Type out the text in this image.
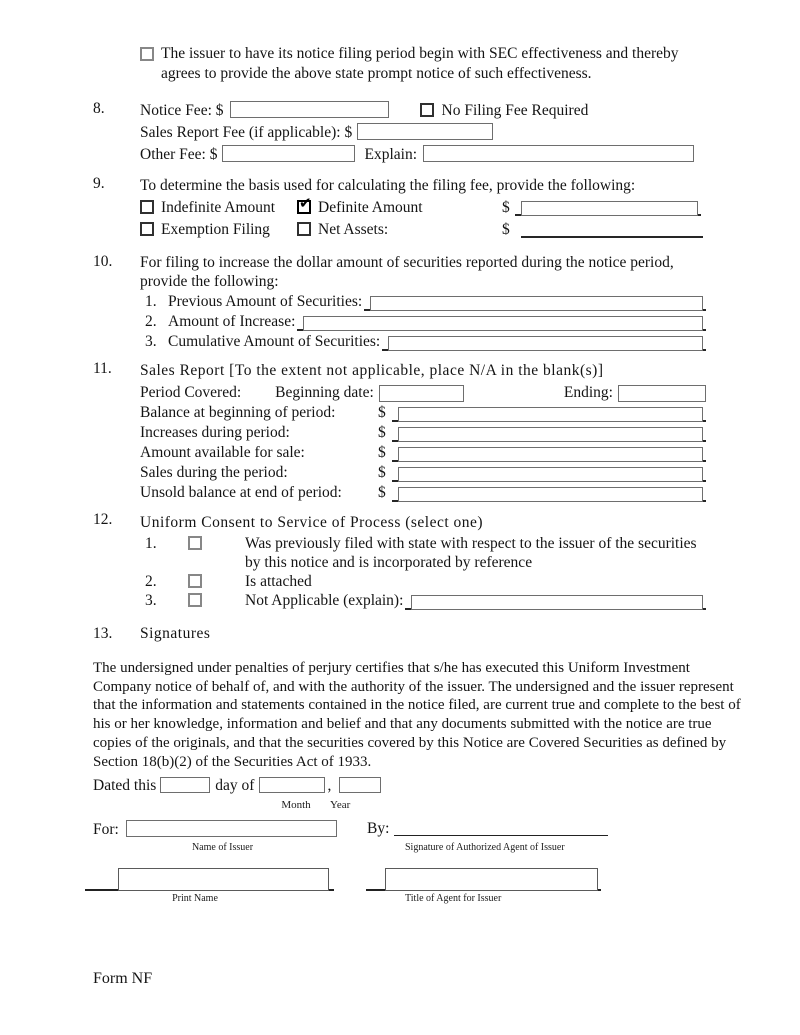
The issuer to have its notice filing period begin with SEC effectiveness and thereby
agrees to provide the above state prompt notice of such effectiveness.
8.	Notice Fee: $	No Filing Fee Required
Sales Report Fee (if applicable): $
Other Fee: $	Explain:
9.	To determine the basis used for calculating the filing fee, provide the following:
Indefinite Amount ✔ Definite Amount	$
Exemption Filing	Net Assets:	$
10.	For filing to increase the dollar amount of securities reported during the notice period,
provide the following:
1. Previous Amount of Securities:
2. Amount of Increase:
3. Cumulative Amount of Securities:
11.	Sales Report [To the extent not applicable, place N/A in the blank(s)]
Period Covered: Beginning date:	Ending:
Balance at beginning of period:	$
Increases during period:	$
Amount available for sale:	$
Sales during the period:	$
Unsold balance at end of period:	$
12.	Uniform Consent to Service of Process (select one)
1.	Was previously filed with state with respect to the issuer of the securities
by this notice and is incorporated by reference
2.	Is attached
3.	Not Applicable (explain):
13.	Signatures
The undersigned under penalties of perjury certifies that s/he has executed this Uniform Investment
Company notice of behalf of, and with the authority of the issuer. The undersigned and the issuer represent
that the information and statements contained in the notice filed, are current true and complete to the best of
his or her knowledge, information and belief and that any documents submitted with the notice are true
copies of the originals, and that the securities covered by this Notice are Covered Securities as defined by
Section 18(b)(2) of the Securities Act of 1933.
Dated this	day of	,
Month	Year
For:
Name of Issuer
By:
Signature of Authorized Agent of Issuer
Print Name	Title of Agent for Issuer
Form NF
